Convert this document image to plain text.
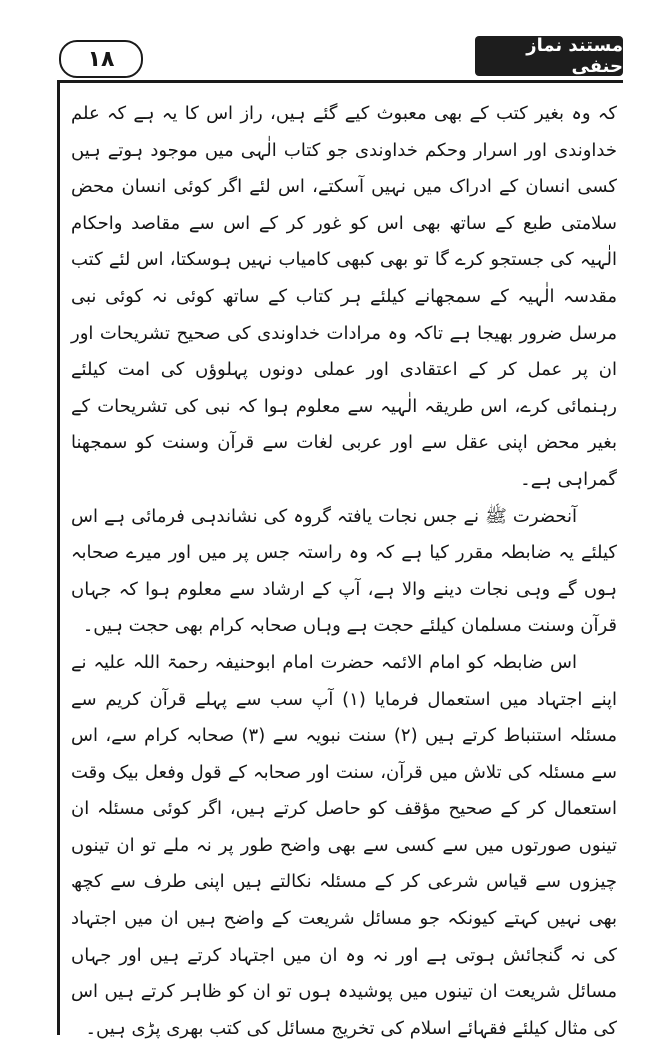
۱۸
مستند نماز حنفی

کہ وہ بغیر کتب کے بھی معبوث کیے گئے ہیں، راز اس کا یہ ہے کہ علم خداوندی اور اسرار وحکم خداوندی جو کتاب الٰہی میں موجود ہوتے ہیں کسی انسان کے ادراک میں نہیں آسکتے، اس لئے اگر کوئی انسان محض سلامتی طبع کے ساتھ بھی اس کو غور کر کے اس سے مقاصد واحکام الٰہیہ کی جستجو کرے گا تو بھی کبھی کامیاب نہیں ہوسکتا، اس لئے کتب مقدسہ الٰہیہ کے سمجھانے کیلئے ہر کتاب کے ساتھ کوئی نہ کوئی نبی مرسل ضرور بھیجا ہے تاکہ وہ مرادات خداوندی کی صحیح تشریحات اور ان پر عمل کر کے اعتقادی اور عملی دونوں پہلوؤں کی امت کیلئے رہنمائی کرے، اس طریقہ الٰہیہ سے معلوم ہوا کہ نبی کی تشریحات کے بغیر محض اپنی عقل سے اور عربی لغات سے قرآن وسنت کو سمجھنا گمراہی ہے۔

آنحضرت ﷺ نے جس نجات یافتہ گروہ کی نشاندہی فرمائی ہے اس کیلئے یہ ضابطہ مقرر کیا ہے کہ وہ راستہ جس پر میں اور میرے صحابہ ہوں گے وہی نجات دینے والا ہے، آپ کے ارشاد سے معلوم ہوا کہ جہاں قرآن وسنت مسلمان کیلئے حجت ہے وہاں صحابہ کرام بھی حجت ہیں۔

اس ضابطہ کو امام الائمہ حضرت امام ابوحنیفہ رحمۃ اللہ علیہ نے اپنے اجتہاد میں استعمال فرمایا (۱) آپ سب سے پہلے قرآن کریم سے مسئلہ استنباط کرتے ہیں (۲) سنت نبویہ سے (۳) صحابہ کرام سے، اس سے مسئلہ کی تلاش میں قرآن، سنت اور صحابہ کے قول وفعل بیک وقت استعمال کر کے صحیح مؤقف کو حاصل کرتے ہیں، اگر کوئی مسئلہ ان تینوں صورتوں میں سے کسی سے بھی واضح طور پر نہ ملے تو ان تینوں چیزوں سے قیاس شرعی کر کے مسئلہ نکالتے ہیں اپنی طرف سے کچھ بھی نہیں کہتے کیونکہ جو مسائل شریعت کے واضح ہیں ان میں اجتہاد کی نہ گنجائش ہوتی ہے اور نہ وہ ان میں اجتہاد کرتے ہیں اور جہاں مسائل شریعت ان تینوں میں پوشیدہ ہوں تو ان کو ظاہر کرتے ہیں اس کی مثال کیلئے فقہائے اسلام کی تخریج مسائل کی کتب بھری پڑی ہیں۔
